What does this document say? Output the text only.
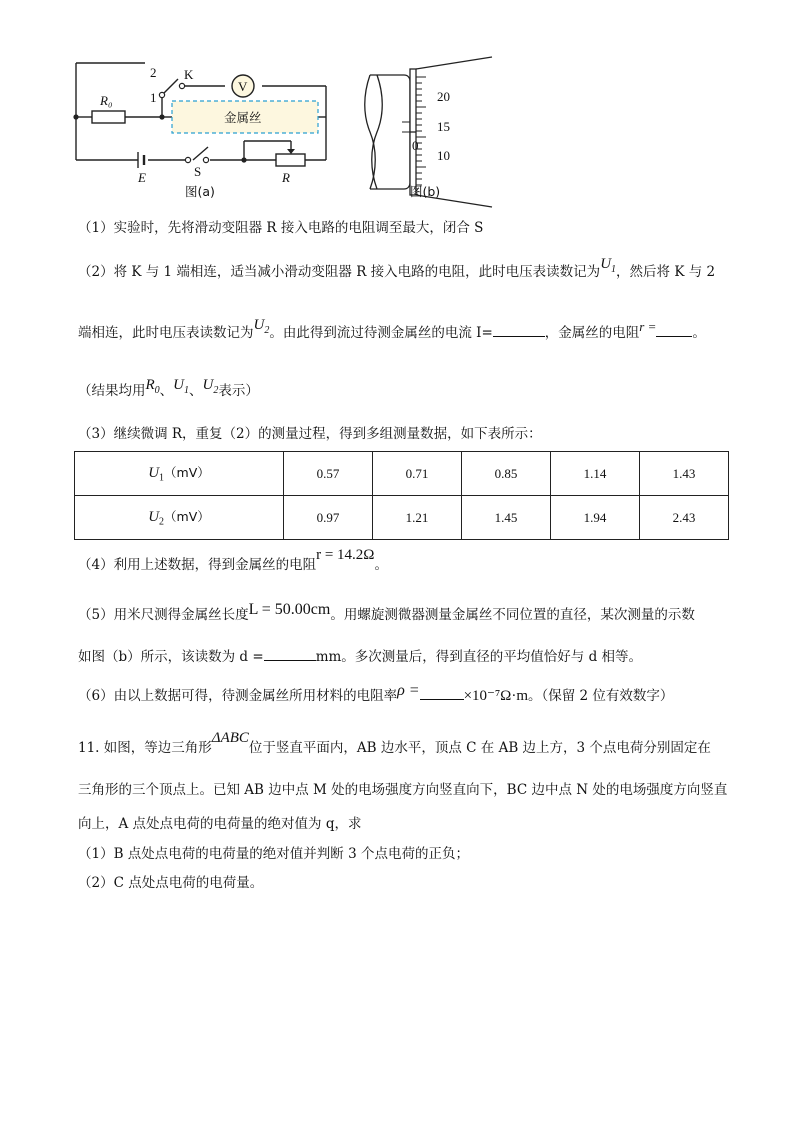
2
1
K
V
R₀
E	S	R
金属丝
图(a)
20
15
10
0
图(b)
（1）实验时，先将滑动变阻器 R 接入电路的电阻调至最大，闭合 S
（2）将 K 与 1 端相连，适当减小滑动变阻器 R 接入电路的电阻，此时电压表读数记为$U_1$，然后将 K 与 2
端相连，此时电压表读数记为$U_2$。由此得到流过待测金属丝的电流 I=	，金属丝的电阻r =	。
（结果均用$R_0$、$U_1$、$U_2$表示）
（3）继续微调 R，重复（2）的测量过程，得到多组测量数据，如下表所示：
$U_1(mV)$	0.57	0.71	0.85	1.14	1.43
$U_2(mV)$	0.97	1.21	1.45	1.94	2.43
（4）利用上述数据，得到金属丝的电阻r = 14.2Ω。
（5）用米尺测得金属丝长度L = 50.00cm。用螺旋测微器测量金属丝不同位置的直径，某次测量的示数
如图（b）所示，该读数为 d =	mm。多次测量后，得到直径的平均值恰好与 d 相等。
（6）由以上数据可得，待测金属丝所用材料的电阻率ρ =	×10⁻⁷Ω·m。（保留 2 位有效数字）
11. 如图，等边三角形ΔABC位于竖直平面内，AB 边水平，顶点 C 在 AB 边上方，3 个点电荷分别固定在
三角形的三个顶点上。已知 AB 边中点 M 处的电场强度方向竖直向下，BC 边中点 N 处的电场强度方向竖直
向上，A 点处点电荷的电荷量的绝对值为 q，求
（1）B 点处点电荷的电荷量的绝对值并判断 3 个点电荷的正负；
（2）C 点处点电荷的电荷量。
